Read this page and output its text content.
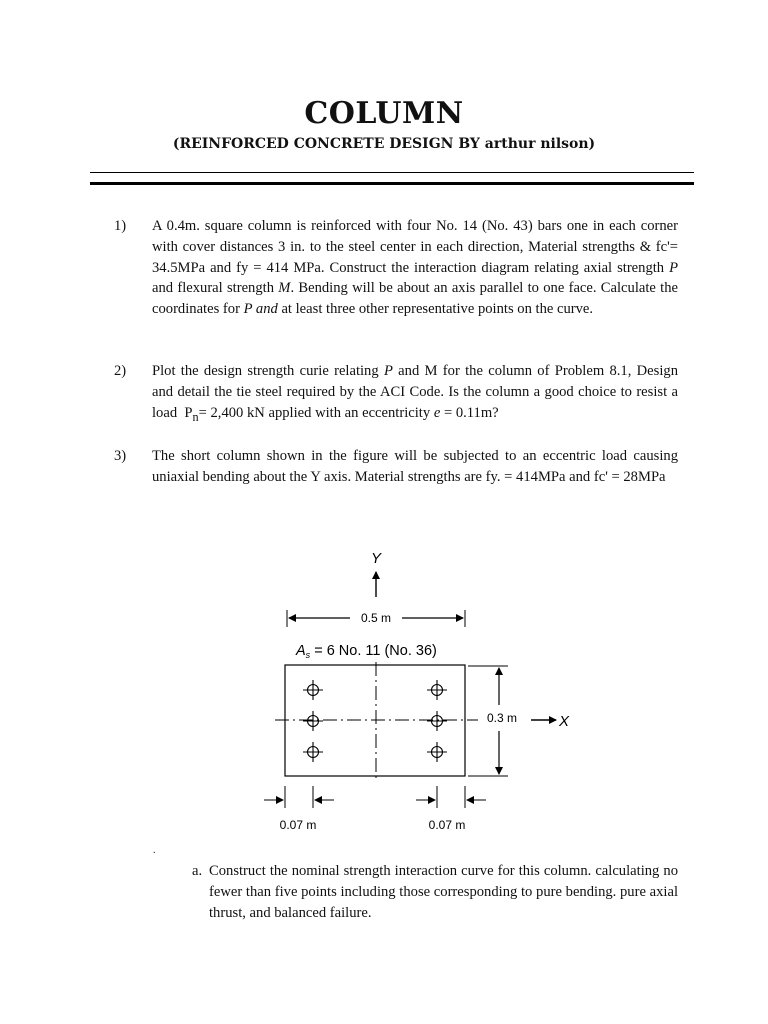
COLUMN
(REINFORCED CONCRETE DESIGN BY arthur nilson)
1) A 0.4m. square column is reinforced with four No. 14 (No. 43) bars one in each corner with cover distances 3 in. to the steel center in each direction, Material strengths & fc'= 34.5MPa and fy = 414 MPa. Construct the interaction diagram relating axial strength P and flexural strength M. Bending will be about an axis parallel to one face. Calculate the coordinates for P and at least three other representative points on the curve.
2) Plot the design strength curie relating P and M for the column of Problem 8.1, Design and detail the tie steel required by the ACI Code. Is the column a good choice to resist a load  $P_n= 2,400$ kN applied with an eccentricity e = 0.11m?
3) The short column shown in the figure will be subjected to an eccentric load causing uniaxial bending about the Y axis. Material strengths are fy. = 414MPa and fc' = 28MPa
Y
0.5 m
$A_s = 6$ No. 11 (No. 36)
0.3 m	X
0.07 m	0.07 m
.
a. Construct the nominal strength interaction curve for this column. calculating no fewer than five points including those corresponding to pure bending. pure axial thrust, and balanced failure.
